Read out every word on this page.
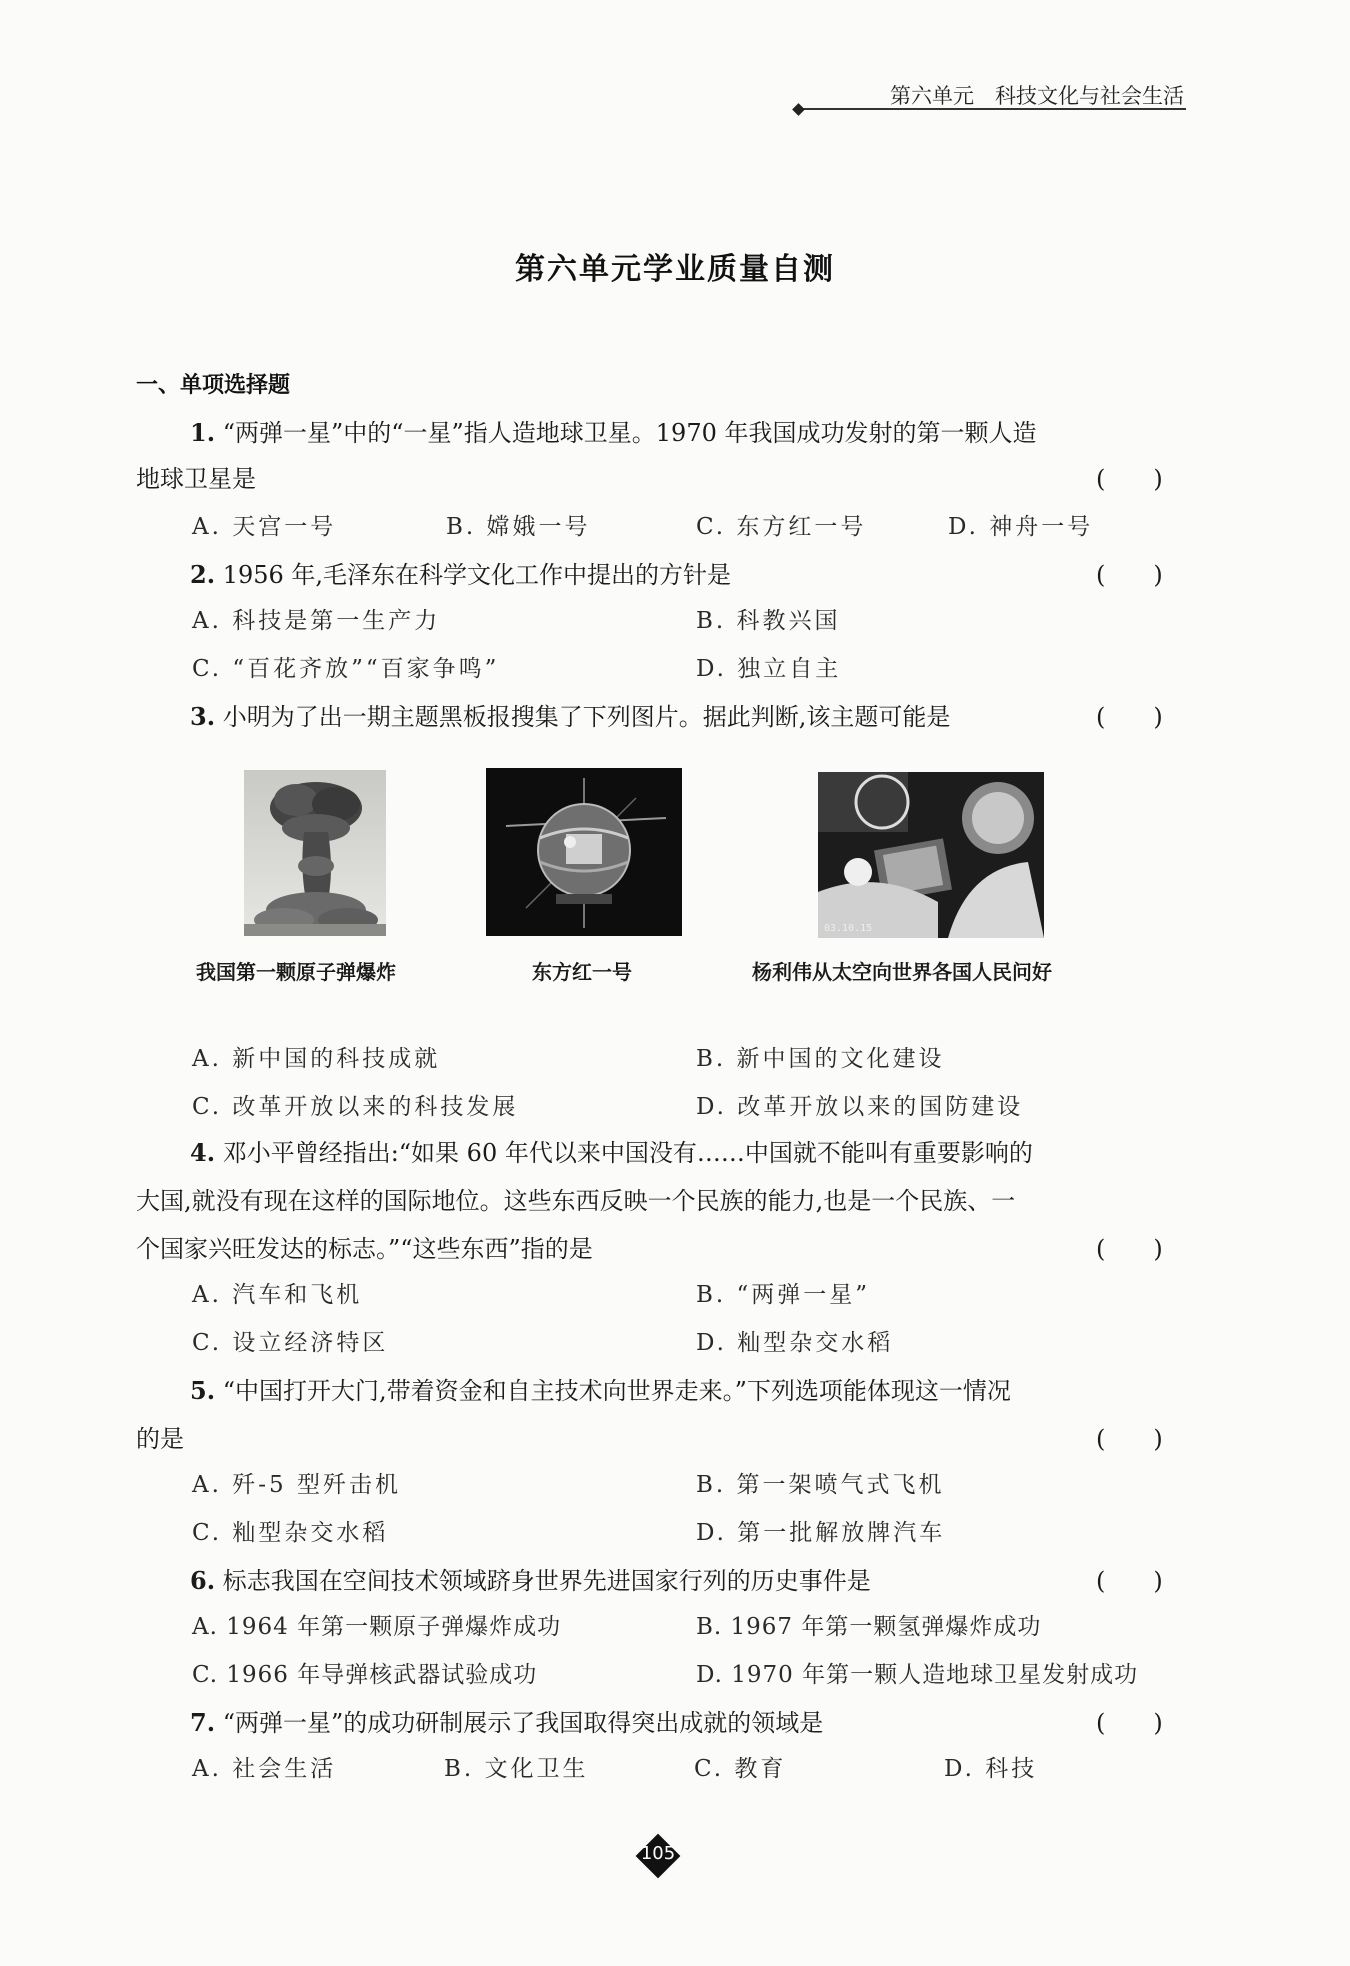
第六单元　 科技文化与社会生活
第六单元学业质量自测
一、单项选择题
1. “两弹一星”中的“一星”指人造地球卫星。1970 年我国成功发射的第一颗人造
地球卫星是	(　　)
A. 天宫一号	B. 嫦娥一号	C. 东方红一号	D. 神舟一号
2. 1956 年,毛泽东在科学文化工作中提出的方针是	(　　)
A. 科技是第一生产力	B. 科教兴国
C. “百花齐放”“百家争鸣”	D. 独立自主
3. 小明为了出一期主题黑板报搜集了下列图片。据此判断,该主题可能是	(　　)
03.10.15
我国第一颗原子弹爆炸	东方红一号	杨利伟从太空向世界各国人民问好
A. 新中国的科技成就	B. 新中国的文化建设
C. 改革开放以来的科技发展	D. 改革开放以来的国防建设
4. 邓小平曾经指出:“如果 60 年代以来中国没有……中国就不能叫有重要影响的
大国,就没有现在这样的国际地位。这些东西反映一个民族的能力,也是一个民族、一
个国家兴旺发达的标志。”“这些东西”指的是	(　　)
A. 汽车和飞机	B. “两弹一星”
C. 设立经济特区	D. 籼型杂交水稻
5. “中国打开大门,带着资金和自主技术向世界走来。”下列选项能体现这一情况
的是	(　　)
A. 歼-5 型歼击机	B. 第一架喷气式飞机
C. 籼型杂交水稻	D. 第一批解放牌汽车
6. 标志我国在空间技术领域跻身世界先进国家行列的历史事件是	(　　)
A. 1964 年第一颗原子弹爆炸成功	B. 1967 年第一颗氢弹爆炸成功
C. 1966 年导弹核武器试验成功	D. 1970 年第一颗人造地球卫星发射成功
7. “两弹一星”的成功研制展示了我国取得突出成就的领域是	(　　)
A. 社会生活	B. 文化卫生	C. 教育	D. 科技
105
